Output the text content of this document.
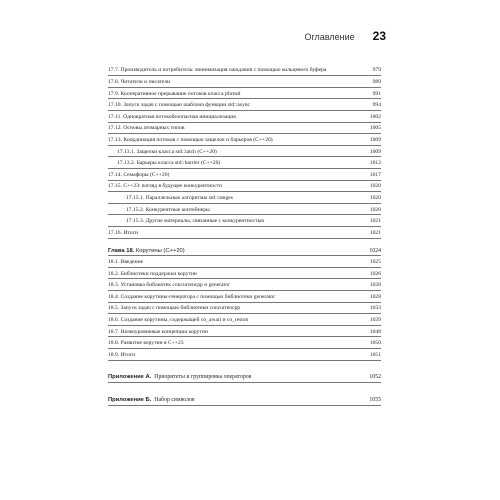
Оглавление 23
17.7. Производитель и потребитель: минимизация ожидания с помощью кольцевого буфера	979
17.8. Читатели и писатели	989
17.9. Кооперативное прерывание потоков класса jthread	991
17.10. Запуск задач с помощью шаблона функции std::async	994
17.11. Однократная потокобезопасная инициализация	1002
17.12. Основы атомарных типов	1005
17.13. Координация потоков с помощью защелок и барьеров (C++20)	1009
17.13.1. Защелки класса std::latch (C++20)	1009
17.13.2. Барьеры класса std::barrier (C++20)	1012
17.14. Семафоры (C++20)	1017
17.15. C++23: взгляд в будущее конкурентности	1020
17.15.1. Параллельные алгоритмы std::ranges	1020
17.15.2. Конкурентные контейнеры	1020
17.15.3. Другие материалы, связанные с конкурентностью	1021
17.16. Итоги	1021
Глава 18. Корутины (C++20)	1024
18.1. Введение	1025
18.2. Библиотеки поддержки корутин	1026
18.3. Установка библиотек concurrencpp и generator	1028
18.4. Создание корутины-генератора с помощью библиотеки generator	1028
18.5. Запуск задач с помощью библиотеки concurrencpp	1033
18.6. Создание корутины, содержащей co_await и co_return	1039
18.7. Низкоуровневые концепции корутин	1048
18.8. Развитие корутин в C++23	1050
18.9. Итоги	1051
Приложение А. Приоритеты и группировка операторов	1052
Приложение Б. Набор символов	1055
